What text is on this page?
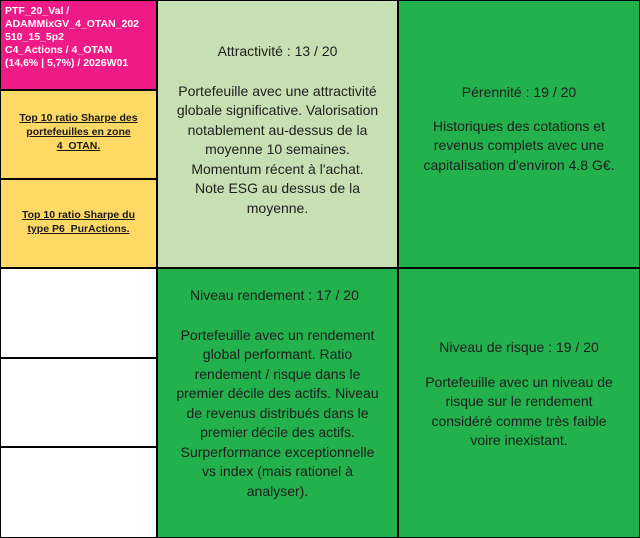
PTF_20_Val /
ADAMMixGV_4_OTAN_202
510_15_5p2
C4_Actions / 4_OTAN
(14,6% | 5,7%) / 2026W01
Top 10 ratio Sharpe des
portefeuilles en zone
4_OTAN.
Top 10 ratio Sharpe du
type P6_PurActions.
Attractivité : 13 / 20
Portefeuille avec une attractivité
globale significative. Valorisation
notablement au-dessus de la
moyenne 10 semaines.
Momentum récent à l'achat.
Note ESG au dessus de la
moyenne.
Pérennité : 19 / 20
Historiques des cotations et
revenus complets avec une
capitalisation d'environ 4.8 G€.
Niveau rendement : 17 / 20
Portefeuille avec un rendement
global performant. Ratio
rendement / risque dans le
premier décile des actifs. Niveau
de revenus distribués dans le
premier décile des actifs.
Surperformance exceptionnelle
vs index (mais rationel à
analyser).
Niveau de risque : 19 / 20
Portefeuille avec un niveau de
risque sur le rendement
considéré comme très faible
voire inexistant.
